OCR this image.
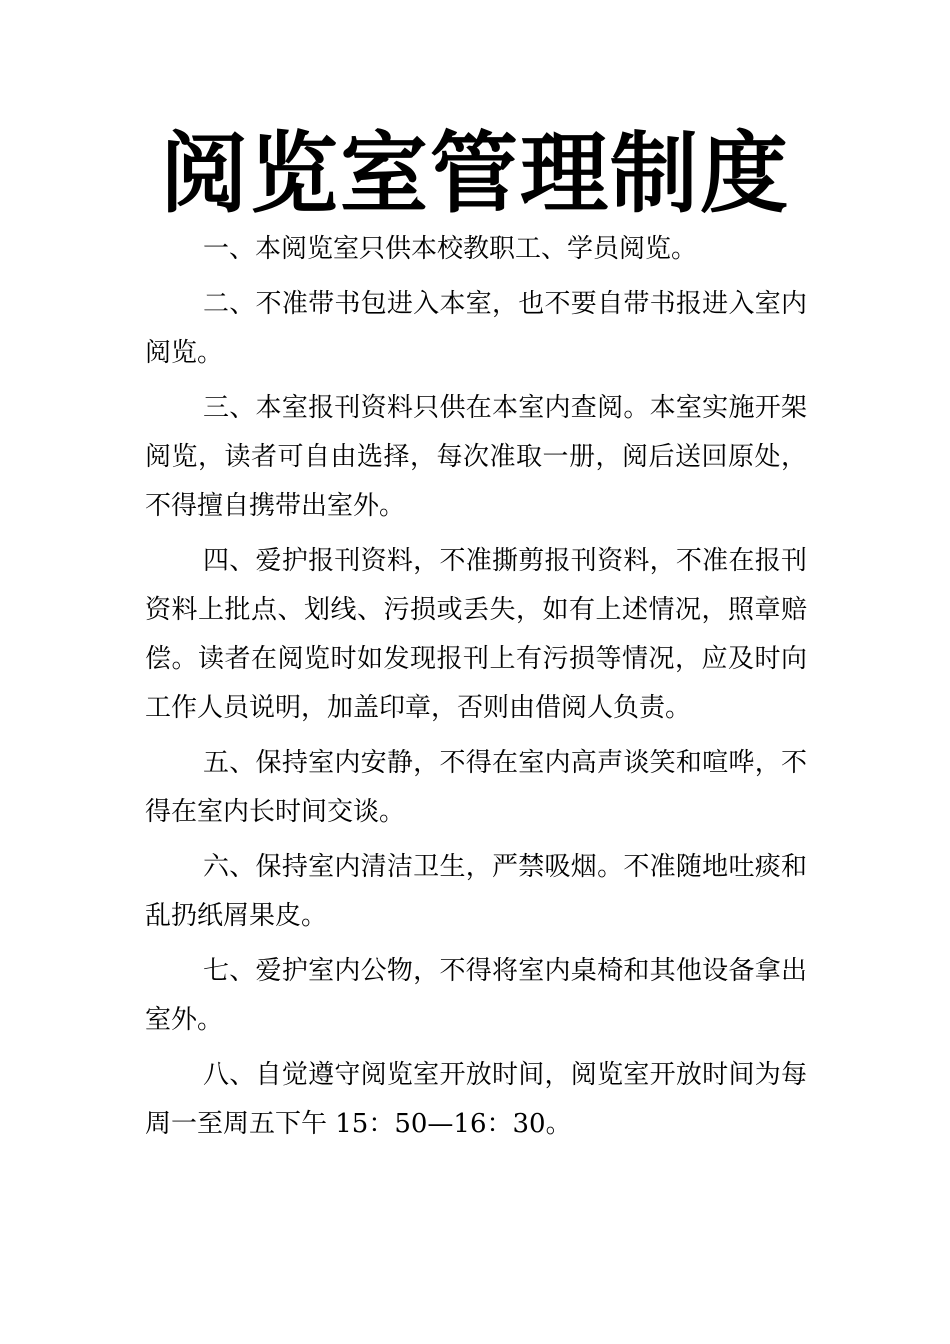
阅览室管理制度

一、本阅览室只供本校教职工、学员阅览。

二、不准带书包进入本室，也不要自带书报进入室内阅览。

三、本室报刊资料只供在本室内查阅。本室实施开架阅览，读者可自由选择，每次准取一册，阅后送回原处，不得擅自携带出室外。

四、爱护报刊资料，不准撕剪报刊资料，不准在报刊资料上批点、划线、污损或丢失，如有上述情况，照章赔偿。读者在阅览时如发现报刊上有污损等情况，应及时向工作人员说明，加盖印章，否则由借阅人负责。

五、保持室内安静，不得在室内高声谈笑和喧哗，不得在室内长时间交谈。

六、保持室内清洁卫生，严禁吸烟。不准随地吐痰和乱扔纸屑果皮。

七、爱护室内公物，不得将室内桌椅和其他设备拿出室外。

八、自觉遵守阅览室开放时间，阅览室开放时间为每周一至周五下午 15：50—16：30。
